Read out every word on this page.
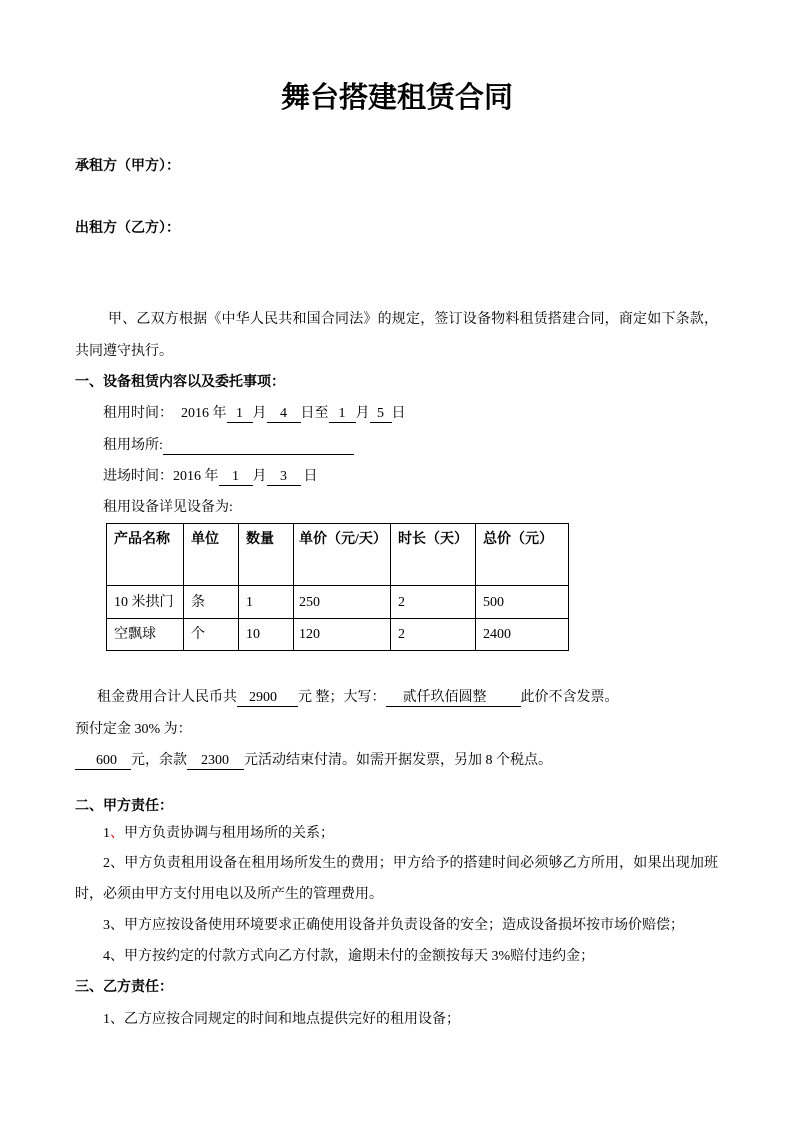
舞台搭建租赁合同
承租方（甲方）：
出租方（乙方）：

甲、乙双方根据《中华人民共和国合同法》的规定，签订设备物料租赁搭建合同，商定如下条款，共同遵守执行。

一、设备租赁内容以及委托事项：
租用时间： 2016 年 1 月 4 日至 1 月 5 日
租用场所:
​
进场时间： 2016 年 1 月 3	日
租用设备详见设备为:
产品名称	单位	数量	单价（元/天）	时长（天）	总价（元）
10 米拱门	条	1	250	2	500
空飘球	个	10	120	2	2400
租金费用合计人民币共 2900	元 整；大写：	贰仟玖佰圆整	此价不含发票。
预付定金 30% 为：
600	元，余款	2300	元活动结束付清。如需开据发票，另加 8 个税点。
二、甲方责任：

1、甲方负责协调与租用场所的关系；

2、甲方负责租用设备在租用场所发生的费用；甲方给予的搭建时间必须够乙方所用，如果出现加班时，必须由甲方支付用电以及所产生的管理费用。

3、甲方应按设备使用环境要求正确使用设备并负责设备的安全；造成设备损坏按市场价赔偿；

4、甲方按约定的付款方式向乙方付款，逾期未付的金额按每天 3%赔付违约金；

三、乙方责任：

1、乙方应按合同规定的时间和地点提供完好的租用设备；
